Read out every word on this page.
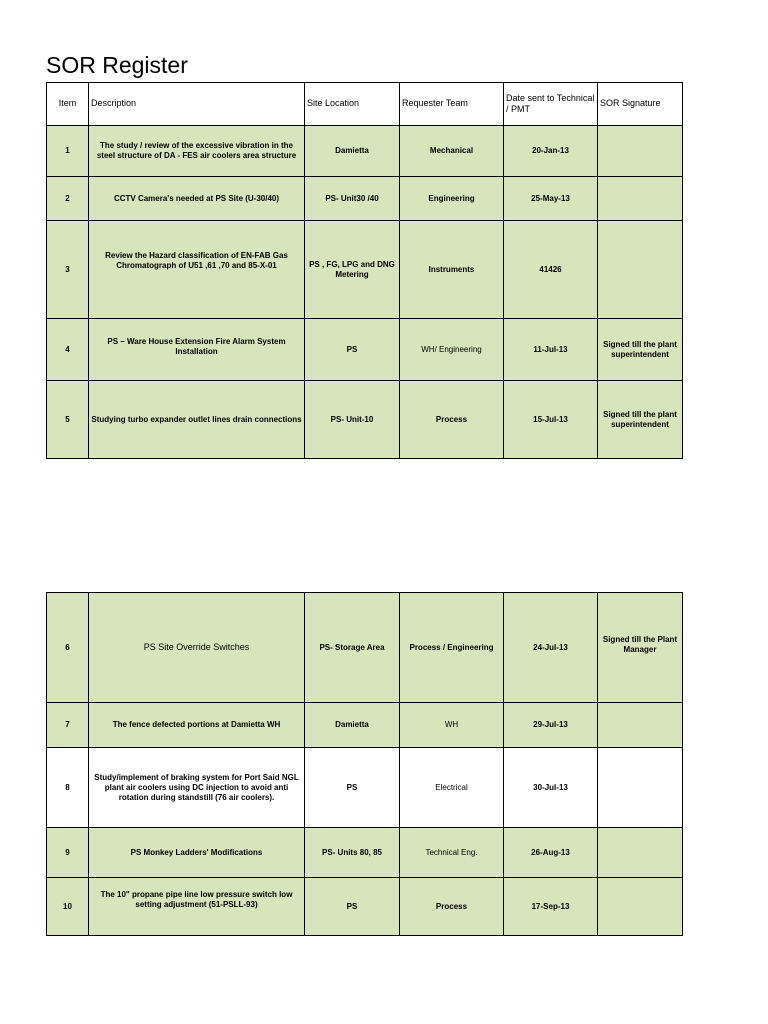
SOR Register
Item	Description	Site Location	Requester Team	Date sent to Technical / PMT	SOR Signature
1	The study / review of the excessive vibration in the steel structure of DA - FES air coolers area structure	Damietta	Mechanical	20-Jan-13	
2	CCTV Camera's needed at PS Site (U-30/40)	PS- Unit30 /40	Engineering	25-May-13	
3	Review the Hazard classification of EN-FAB Gas Chromatograph of U51 ,61 ,70 and 85-X-01	PS , FG, LPG and DNG Metering	Instruments	41426	
4	PS – Ware House Extension Fire Alarm System Installation	PS	WH/ Engineering	11-Jul-13	Signed till the plant superintendent
5	Studying turbo expander outlet lines drain connections	PS- Unit-10	Process	15-Jul-13	Signed till the plant superintendent
6	PS Site Override Switches	PS- Storage Area	Process / Engineering	24-Jul-13	Signed till the Plant Manager
7	The fence defected portions at Damietta WH	Damietta	WH	29-Jul-13	
8	Study/implement of braking system for Port Said NGL plant air coolers using DC injection to avoid anti rotation during standstill (76 air coolers).	PS	Electrical	30-Jul-13	
9	PS Monkey Ladders' Modifications	PS- Units 80, 85	Technical Eng.	26-Aug-13	
10	The 10" propane pipe line low pressure switch low setting adjustment (51-PSLL-93)	PS	Process	17-Sep-13	
